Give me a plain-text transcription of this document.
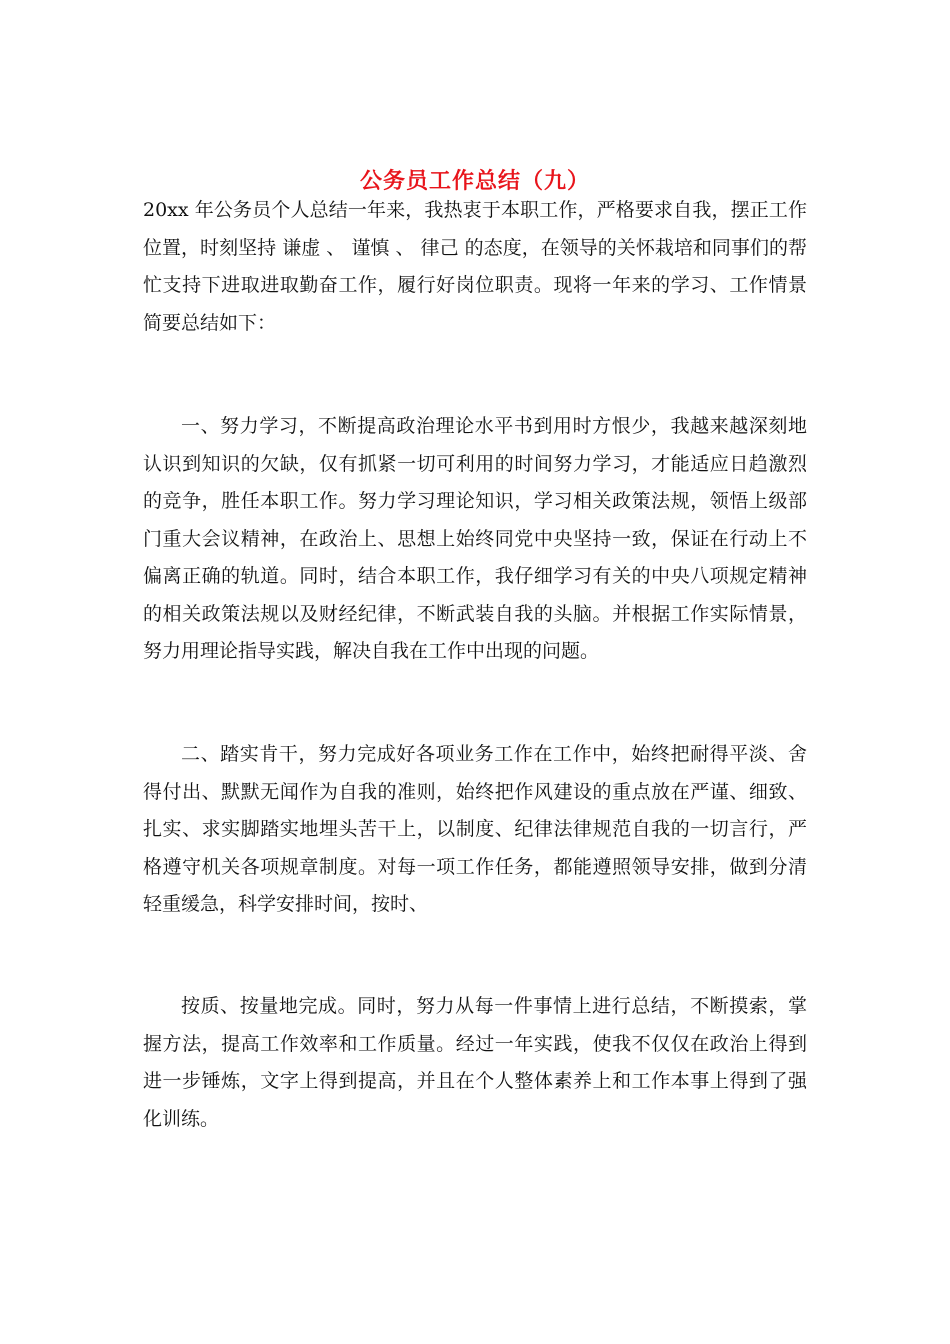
公务员工作总结（九）

20xx 年公务员个人总结一年来，我热衷于本职工作，严格要求自我，摆正工作位置，时刻坚持 谦虚 、 谨慎 、 律己 的态度，在领导的关怀栽培和同事们的帮忙支持下进取进取勤奋工作，履行好岗位职责。现将一年来的学习、工作情景简要总结如下：

一、努力学习，不断提高政治理论水平书到用时方恨少，我越来越深刻地认识到知识的欠缺，仅有抓紧一切可利用的时间努力学习，才能适应日趋激烈的竞争，胜任本职工作。努力学习理论知识，学习相关政策法规，领悟上级部门重大会议精神，在政治上、思想上始终同党中央坚持一致，保证在行动上不偏离正确的轨道。同时，结合本职工作，我仔细学习有关的中央八项规定精神的相关政策法规以及财经纪律，不断武装自我的头脑。并根据工作实际情景，努力用理论指导实践，解决自我在工作中出现的问题。

二、踏实肯干，努力完成好各项业务工作在工作中，始终把耐得平淡、舍得付出、默默无闻作为自我的准则，始终把作风建设的重点放在严谨、细致、扎实、求实脚踏实地埋头苦干上，以制度、纪律法律规范自我的一切言行，严格遵守机关各项规章制度。对每一项工作任务，都能遵照领导安排，做到分清轻重缓急，科学安排时间，按时、

按质、按量地完成。同时，努力从每一件事情上进行总结，不断摸索，掌握方法，提高工作效率和工作质量。经过一年实践，使我不仅仅在政治上得到进一步锤炼，文字上得到提高，并且在个人整体素养上和工作本事上得到了强化训练。
